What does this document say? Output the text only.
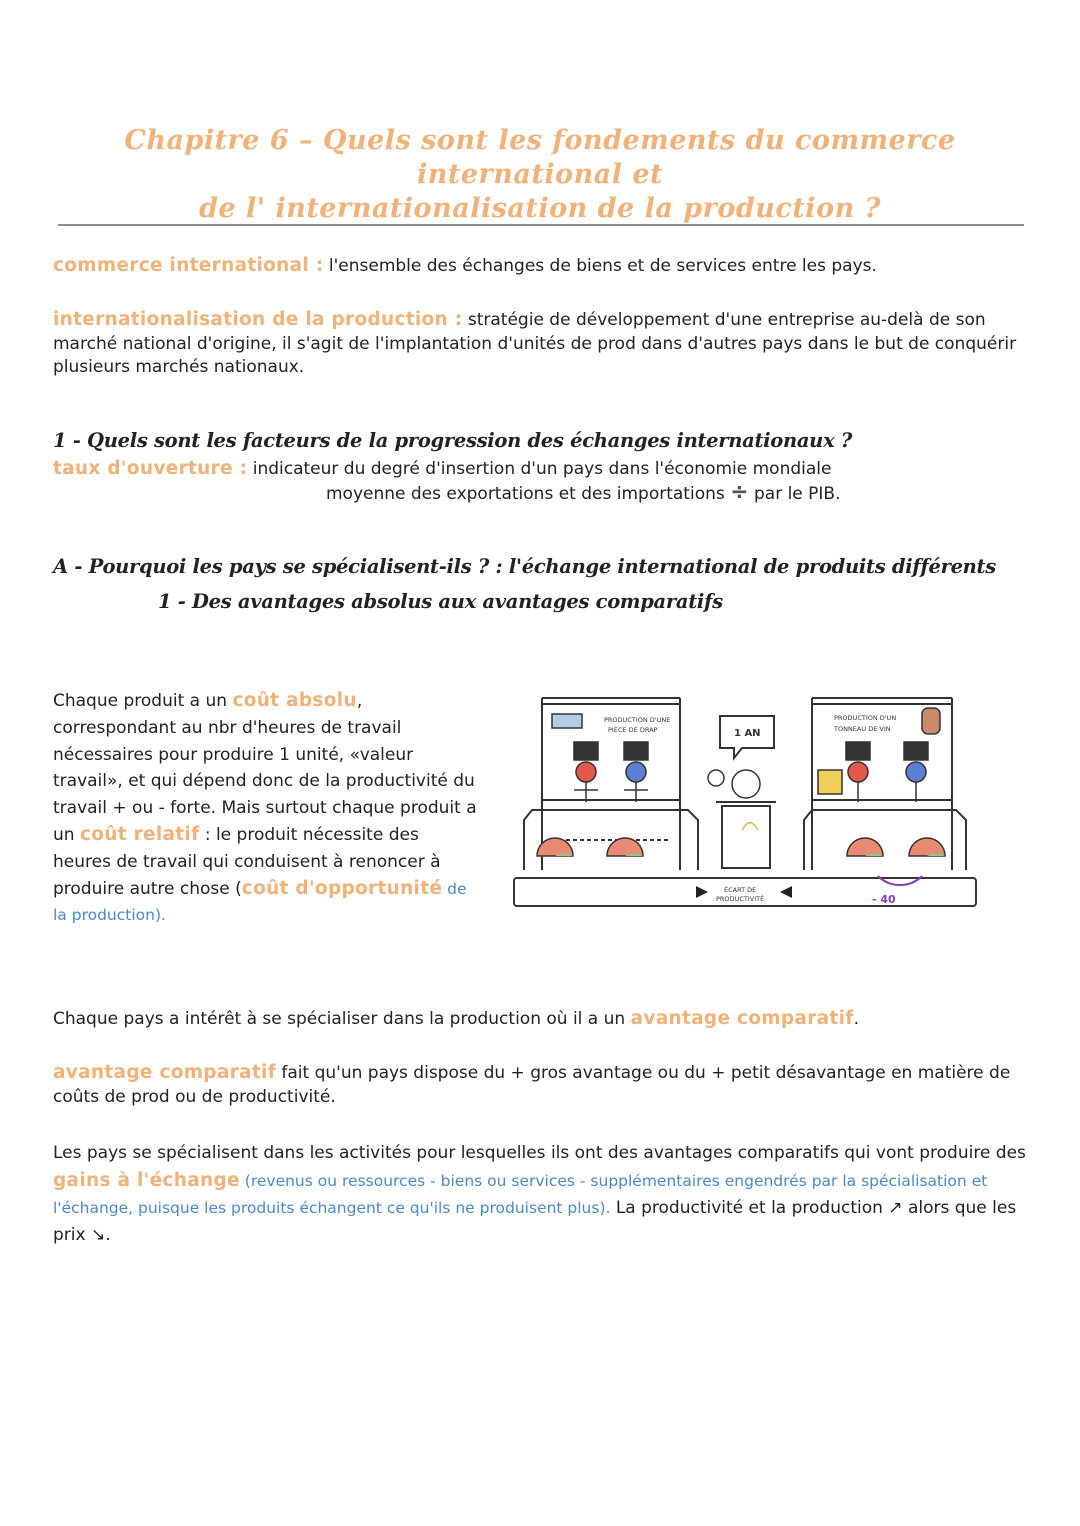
Chapitre 6 – Quels sont les fondements du commerce international et
de l' internationalisation de la production ?
commerce international : l'ensemble des échanges de biens et de services entre les pays.
internationalisation de la production : stratégie de développement d'une entreprise au-delà de son marché national d'origine, il s'agit de l'implantation d'unités de prod dans d'autres pays dans le but de conquérir plusieurs marchés nationaux.
1 - Quels sont les facteurs de la progression des échanges internationaux ?
taux d'ouverture : indicateur du degré d'insertion d'un pays dans l'économie mondiale
moyenne des exportations et des importations ÷ par le PIB.
A - Pourquoi les pays se spécialisent-ils ? : l'échange international de produits différents
1 - Des avantages absolus aux avantages comparatifs
Chaque produit a un coût absolu, correspondant au nbr d'heures de travail nécessaires pour produire 1 unité, «valeur travail», et qui dépend donc de la productivité du travail + ou - forte. Mais surtout chaque produit a un coût relatif : le produit nécessite des heures de travail qui conduisent à renoncer à produire autre chose (coût d'opportunité de la production).
PRODUCTION D'UNE
PIÈCE DE DRAP	1 AN
PRODUCTION D'UN
TONNEAU DE VIN
ÉCART DE
PRODUCTIVITÉ	- 40
Chaque pays a intérêt à se spécialiser dans la production où il a un avantage comparatif.
avantage comparatif fait qu'un pays dispose du + gros avantage ou du + petit désavantage en matière de coûts de prod ou de productivité.
Les pays se spécialisent dans les activités pour lesquelles ils ont des avantages comparatifs qui vont produire des gains à l'échange (revenus ou ressources - biens ou services - supplémentaires engendrés par la spécialisation et l'échange, puisque les produits échangent ce qu'ils ne produisent plus). La productivité et la production ↗ alors que les prix ↘.
